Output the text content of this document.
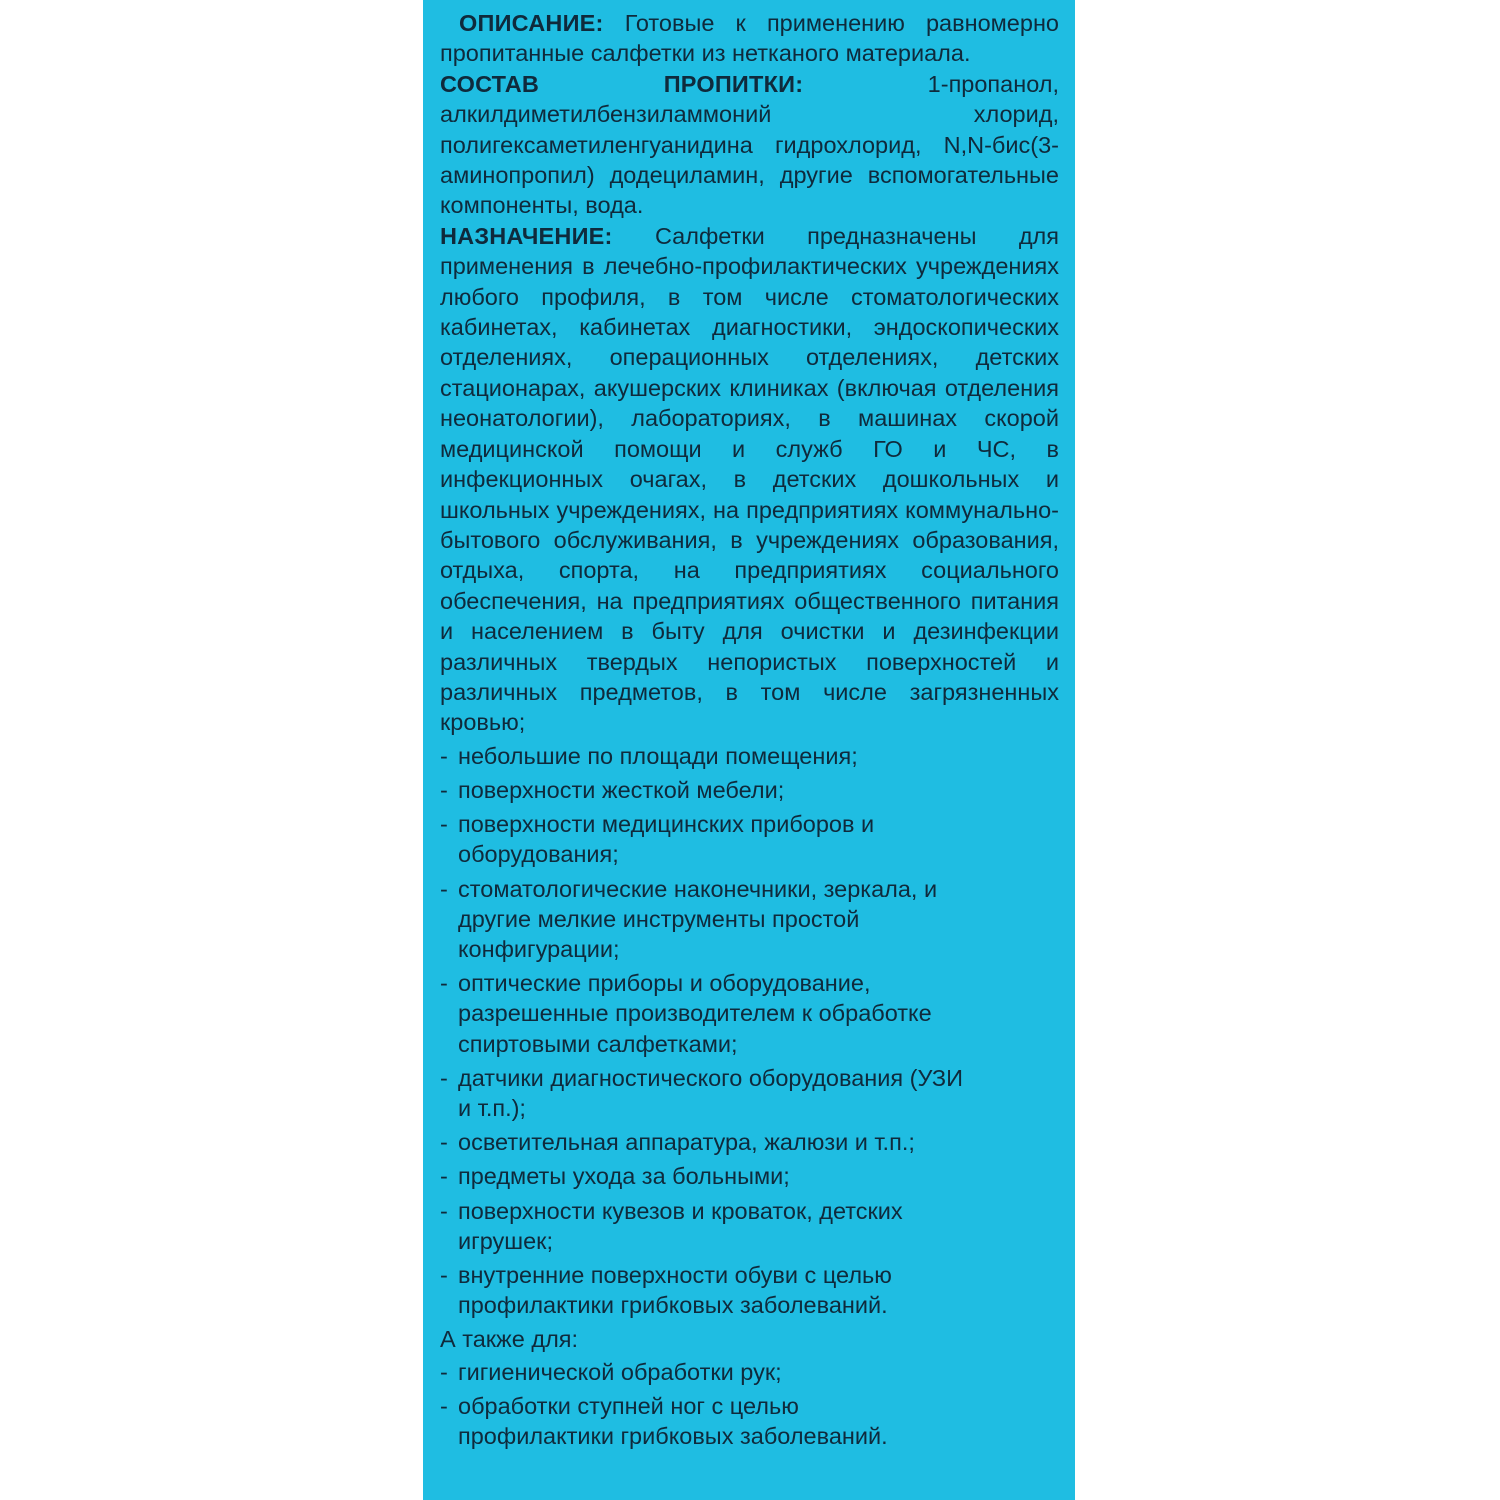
ОПИСАНИЕ: Готовые к применению равномерно пропитанные салфетки из нетканого материала.

СОСТАВ ПРОПИТКИ: 1-пропанол, алкилдиметилбензиламмоний хлорид, полигексаметиленгуанидина гидрохлорид, N,N-бис(3-аминопропил) додециламин, другие вспомогательные компоненты, вода.

НАЗНАЧЕНИЕ: Салфетки предназначены для применения в лечебно-профилактических учреждениях любого профиля, в том числе стоматологических кабинетах, кабинетах диагностики, эндоскопических отделениях, операционных отделениях, детских стационарах, акушерских клиниках (включая отделения неонатологии), лабораториях, в машинах скорой медицинской помощи и служб ГО и ЧС, в инфекционных очагах, в детских дошкольных и школьных учреждениях, на предприятиях коммунально-бытового обслуживания, в учреждениях образования, отдыха, спорта, на предприятиях социального обеспечения, на предприятиях общественного питания и населением в быту для очистки и дезинфекции различных твердых непористых поверхностей и различных предметов, в том числе загрязненных кровью;

- небольшие по площади помещения;
- поверхности жесткой мебели;
- поверхности медицинских приборов и оборудования;
- стоматологические наконечники, зеркала, и другие мелкие инструменты простой конфигурации;
- оптические приборы и оборудование, разрешенные производителем к обработке спиртовыми салфетками;
- датчики диагностического оборудования (УЗИ и т.п.);
- осветительная аппаратура, жалюзи и т.п.;
- предметы ухода за больными;
- поверхности кувезов и кроваток, детских игрушек;
- внутренние поверхности обуви с целью профилактики грибковых заболеваний.

А также для:

- гигиенической обработки рук;
- обработки ступней ног с целью профилактики грибковых заболеваний.
